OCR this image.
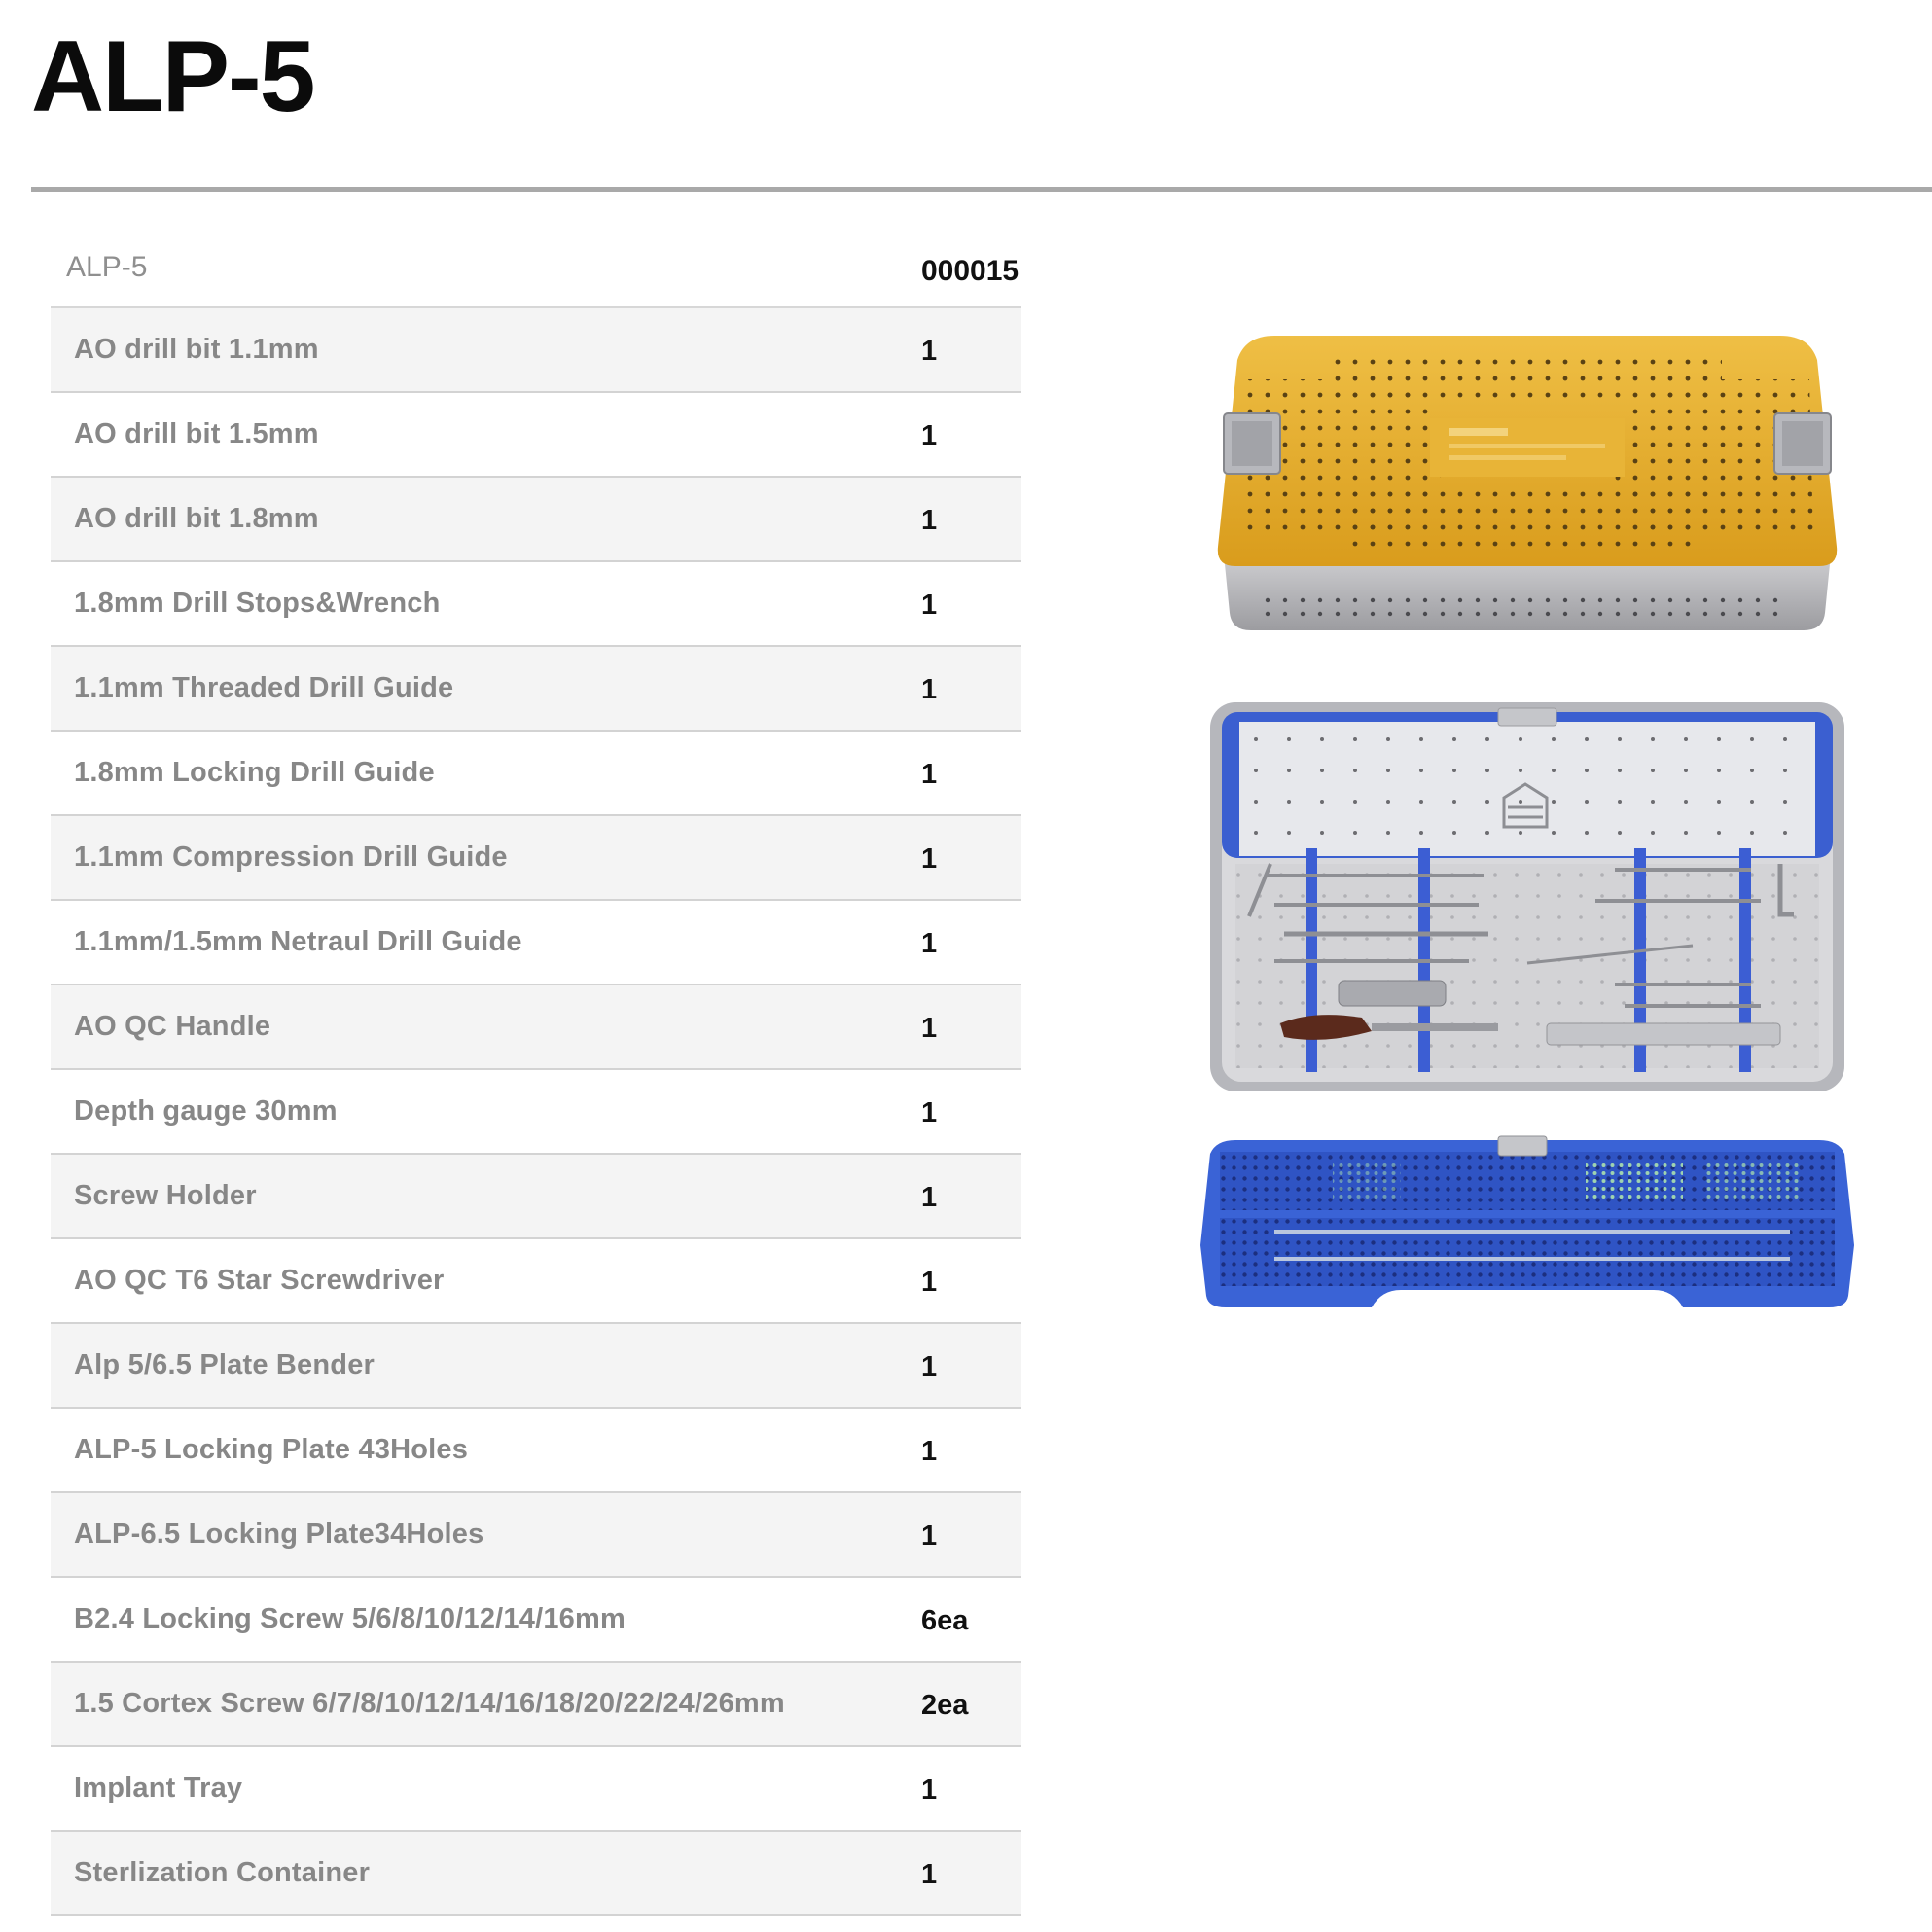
ALP-5
ALP-5	000015
AO drill bit 1.1mm	1
AO drill bit 1.5mm	1
AO drill bit 1.8mm	1
1.8mm Drill Stops&Wrench	1
1.1mm Threaded Drill Guide	1
1.8mm Locking Drill Guide	1
1.1mm Compression Drill Guide	1
1.1mm/1.5mm Netraul Drill Guide	1
AO QC Handle	1
Depth gauge 30mm	1
Screw Holder	1
AO QC T6 Star Screwdriver	1
Alp 5/6.5 Plate Bender	1
ALP-5 Locking Plate 43Holes	1
ALP-6.5 Locking Plate34Holes	1
B2.4 Locking Screw 5/6/8/10/12/14/16mm	6ea
1.5 Cortex Screw 6/7/8/10/12/14/16/18/20/22/24/26mm	2ea
Implant Tray	1
Sterlization Container	1
